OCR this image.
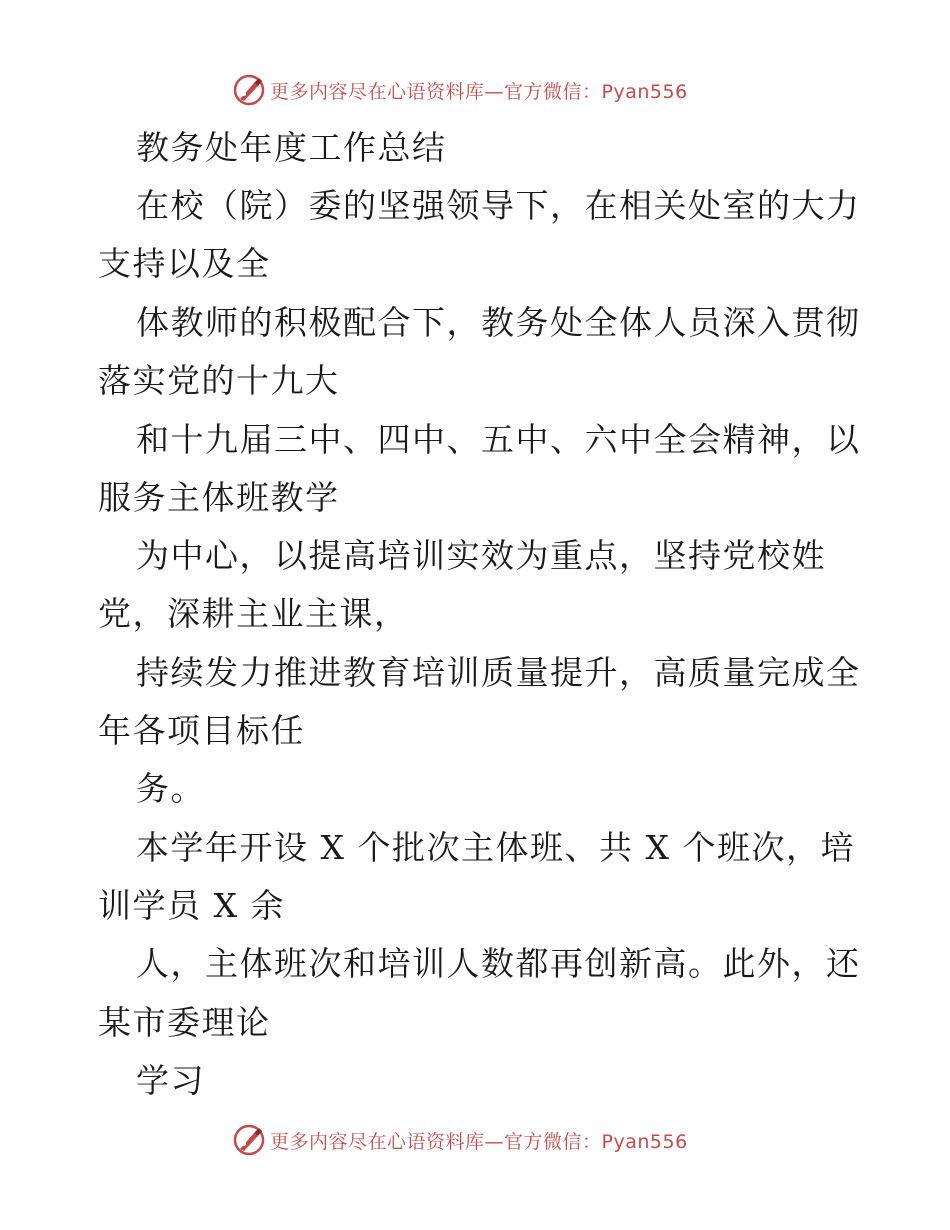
更多内容尽在心语资料库—官方微信：Pyan556
教务处年度工作总结
在校（院）委的坚强领导下，在相关处室的大力
支持以及全
体教师的积极配合下，教务处全体人员深入贯彻
落实党的十九大
和十九届三中、四中、五中、六中全会精神，以
服务主体班教学
为中心，以提高培训实效为重点，坚持党校姓
党，深耕主业主课，
持续发力推进教育培训质量提升，高质量完成全
年各项目标任
务。
本学年开设 X 个批次主体班、共 X 个班次，培
训学员 X 余
人，主体班次和培训人数都再创新高。此外，还
某市委理论
学习
更多内容尽在心语资料库—官方微信：Pyan556
